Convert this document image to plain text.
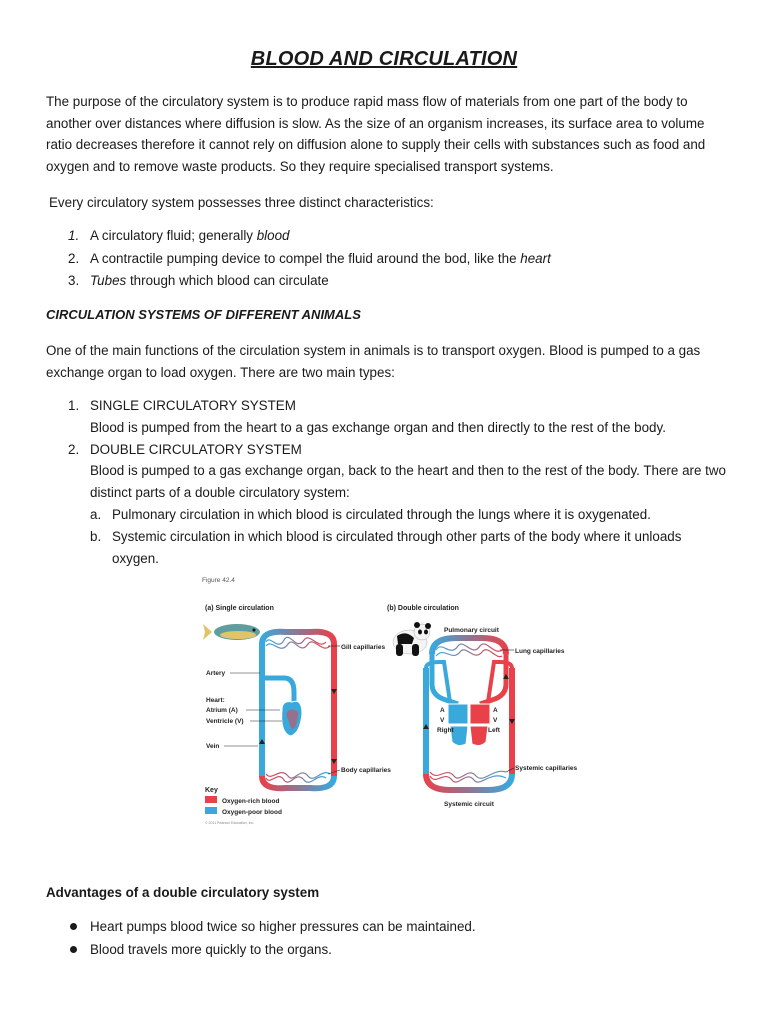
BLOOD AND CIRCULATION
The purpose of the circulatory system is to produce rapid mass flow of materials from one part of the body to another over distances where diffusion is slow. As the size of an organism increases, its surface area to volume ratio decreases therefore it cannot rely on diffusion alone to supply their cells with substances such as food and oxygen and to remove waste products. So they require specialised transport systems.
Every circulatory system possesses three distinct characteristics:
1. A circulatory fluid; generally blood
2. A contractile pumping device to compel the fluid around the bod, like the heart
3. Tubes through which blood can circulate
CIRCULATION SYSTEMS OF DIFFERENT ANIMALS
One of the main functions of the circulation system in animals is to transport oxygen. Blood is pumped to a gas exchange organ to load oxygen. There are two main types:
1. SINGLE CIRCULATORY SYSTEM
Blood is pumped from the heart to a gas exchange organ and then directly to the rest of the body.
2. DOUBLE CIRCULATORY SYSTEM
Blood is pumped to a gas exchange organ, back to the heart and then to the rest of the body. There are two distinct parts of a double circulatory system:
a. Pulmonary circulation in which blood is circulated through the lungs where it is oxygenated.
b. Systemic circulation in which blood is circulated through other parts of the body where it unloads oxygen.
Figure 42.4
(a) Single circulation	(b) Double circulation
Gill capillaries
Artery
Heart:
Atrium (A)
Ventricle (V)
Vein
Body capillaries
Pulmonary circuit
Lung capillaries
A
V
A
V
Right	Left
Systemic capillaries
Systemic circuit
Key
Oxygen-rich blood
Oxygen-poor blood
© 2011 Pearson Education, Inc.
Advantages of a double circulatory system
Heart pumps blood twice so higher pressures can be maintained.
Blood travels more quickly to the organs.
